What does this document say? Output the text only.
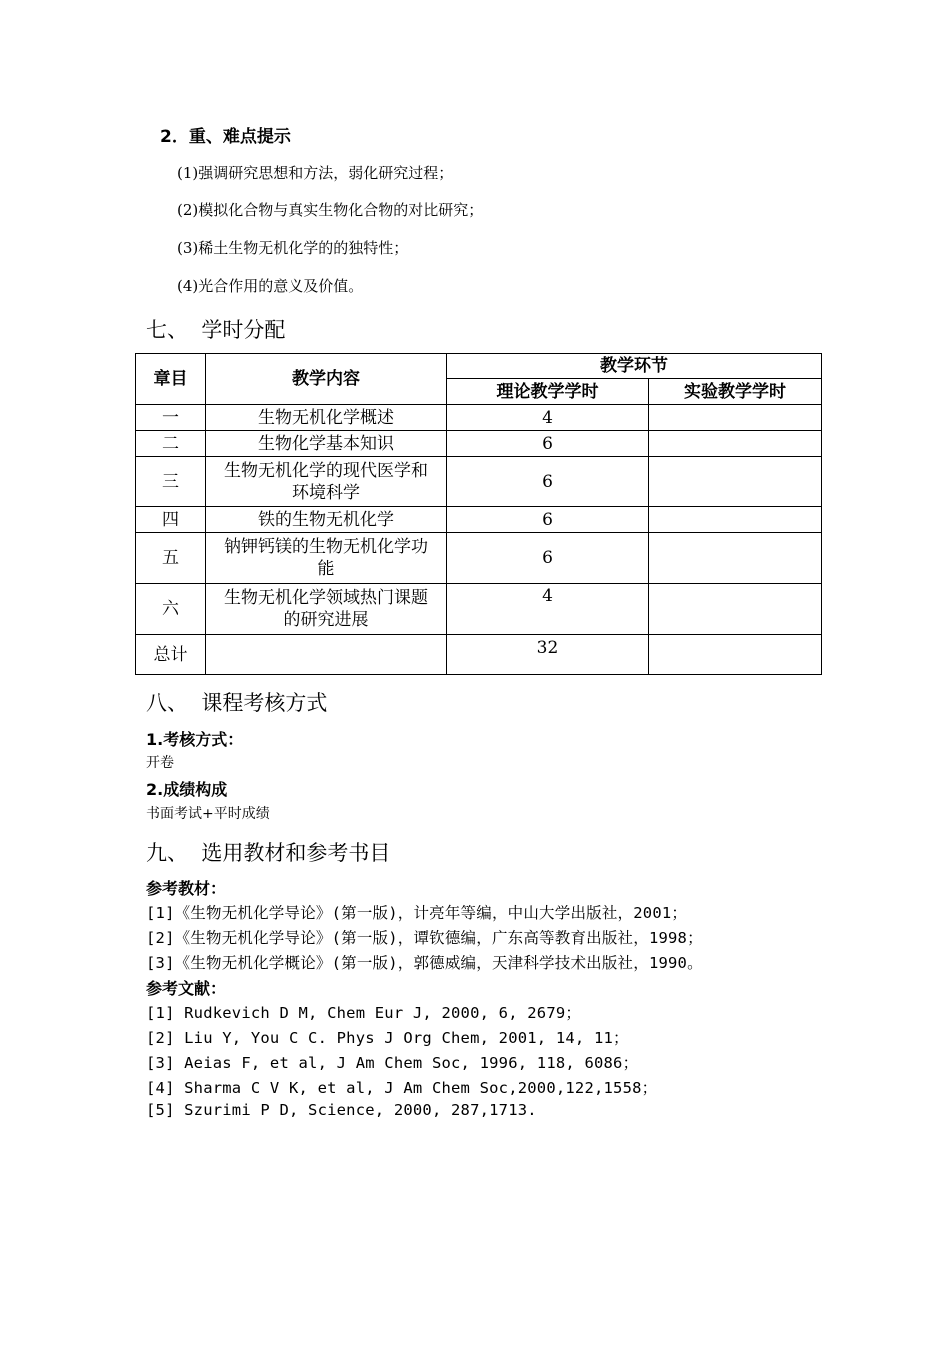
2．重、难点提示
(1)强调研究思想和方法，弱化研究过程；
(2)模拟化合物与真实生物化合物的对比研究；
(3)稀土生物无机化学的的独特性；
(4)光合作用的意义及价值。
七、  学时分配
章目	教学内容	教学环节	
		理论教学学时	实验教学学时
一	生物无机化学概述	4	
二	生物化学基本知识	6	
三	生物无机化学的现代医学和环境科学	6	
四	铁的生物无机化学	6	
五	钠钾钙镁的生物无机化学功能	6	
六	生物无机化学领域热门课题的研究进展	4	
总计		32	
八、  课程考核方式
1.考核方式：
开卷
2.成绩构成
书面考试+平时成绩
九、  选用教材和参考书目
参考教材：
[1]《生物无机化学导论》(第一版)，计亮年等编，中山大学出版社，2001；
[2]《生物无机化学导论》(第一版)，谭钦德编，广东高等教育出版社，1998；
[3]《生物无机化学概论》(第一版)，郭德威编，天津科学技术出版社，1990。
参考文献：
[1] Rudkevich D M, Chem Eur J, 2000, 6, 2679；
[2] Liu Y, You C C. Phys J Org Chem, 2001, 14, 11；
[3] Aeias F, et al, J Am Chem Soc, 1996, 118, 6086；
[4] Sharma C V K, et al, J Am Chem Soc,2000,122,1558；
[5] Szurimi P D, Science, 2000, 287,1713.
